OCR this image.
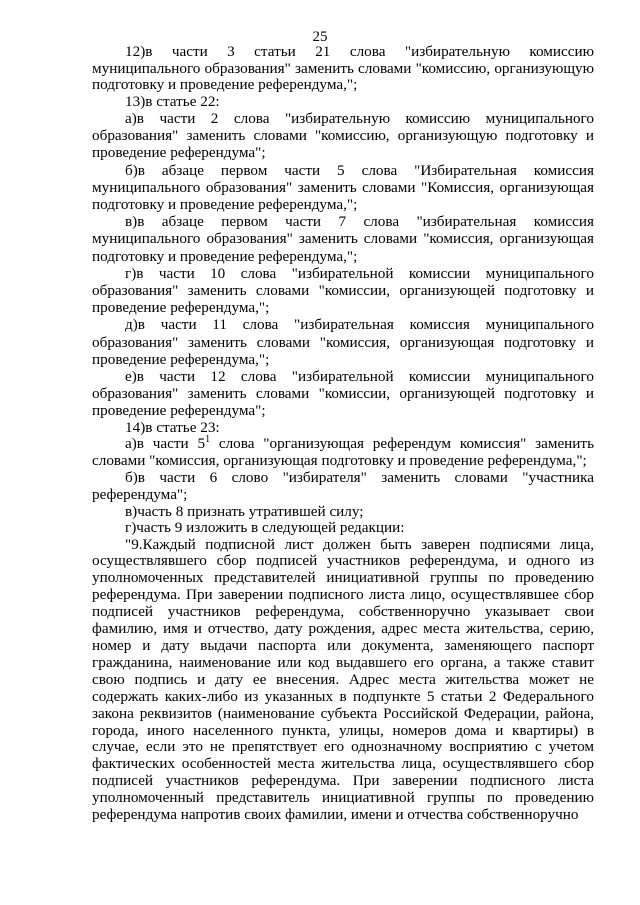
25

12)в части 3 статьи 21 слова "избирательную комиссию муниципального образования" заменить словами "комиссию, организующую подготовку и проведение референдума,";

13)в статье 22:

а)в части 2 слова "избирательную комиссию муниципального образования" заменить словами "комиссию, организующую подготовку и проведение референдума";

б)в абзаце первом части 5 слова "Избирательная комиссия муниципального образования" заменить словами "Комиссия, организующая подготовку и проведение референдума,";

в)в абзаце первом части 7 слова "избирательная комиссия муниципального образования" заменить словами "комиссия, организующая подготовку и проведение референдума,";

г)в части 10 слова "избирательной комиссии муниципального образования" заменить словами "комиссии, организующей подготовку и проведение референдума,";

д)в части 11 слова "избирательная комиссия муниципального образования" заменить словами "комиссия, организующая подготовку и проведение референдума,";

е)в части 12 слова "избирательной комиссии муниципального образования" заменить словами "комиссии, организующей подготовку и проведение референдума";

14)в статье 23:

а)в части $5^1$ слова "организующая референдум комиссия" заменить словами "комиссия, организующая подготовку и проведение референдума,";

б)в части 6 слово "избирателя" заменить словами "участника референдума";

в)часть 8 признать утратившей силу;

г)часть 9 изложить в следующей редакции:

"9.Каждый подписной лист должен быть заверен подписями лица, осуществлявшего сбор подписей участников референдума, и одного из уполномоченных представителей инициативной группы по проведению референдума. При заверении подписного листа лицо, осуществлявшее сбор подписей участников референдума, собственноручно указывает свои фамилию, имя и отчество, дату рождения, адрес места жительства, серию, номер и дату выдачи паспорта или документа, заменяющего паспорт гражданина, наименование или код выдавшего его органа, а также ставит свою подпись и дату ее внесения. Адрес места жительства может не содержать каких-либо из указанных в подпункте 5 статьи 2 Федерального закона реквизитов (наименование субъекта Российской Федерации, района, города, иного населенного пункта, улицы, номеров дома и квартиры) в случае, если это не препятствует его однозначному восприятию с учетом фактических особенностей места жительства лица, осуществлявшего сбор подписей участников референдума. При заверении подписного листа уполномоченный представитель инициативной группы по проведению референдума напротив своих фамилии, имени и отчества собственноручно
